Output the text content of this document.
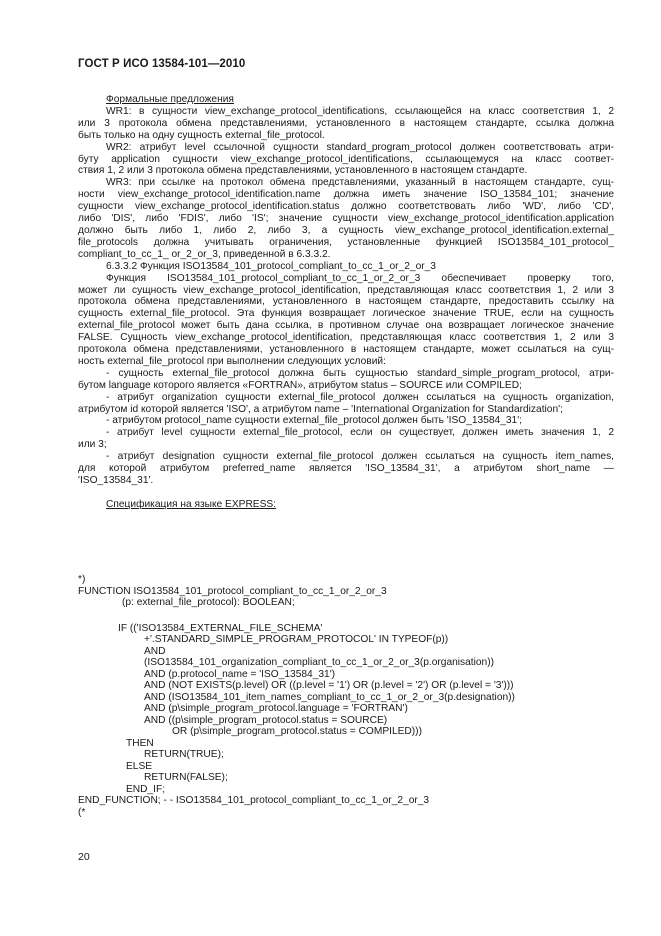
ГОСТ Р ИСО 13584-101—2010
Формальные предложения
WR1: в сущности view_exchange_protocol_identifications, ссылающейся на класс соответствия 1, 2
или 3 протокола обмена представлениями, установленного в настоящем стандарте, ссылка должна
быть только на одну сущность external_file_protocol.
WR2: атрибут level ссылочной сущности standard_program_protocol должен соответствовать атри-
буту application сущности view_exchange_protocol_identifications, ссылающемуся на класс соответ-
ствия 1, 2 или 3 протокола обмена представлениями, установленного в настоящем стандарте.
WR3: при ссылке на протокол обмена представлениями, указанный в настоящем стандарте, сущ-
ности view_exchange_protocol_identification.name должна иметь значение ISO_13584_101; значение
сущности view_exchange_protocol_identification.status должно соответствовать либо 'WD', либо 'CD',
либо 'DIS', либо 'FDIS', либо 'IS'; значение сущности view_exchange_protocol_identification.application
должно быть либо 1, либо 2, либо 3, а сущность view_exchange_protocol_identification.external_
file_protocols должна учитывать ограничения, установленные функцией ISO13584_101_protocol_
compliant_to_cc_1_ or_2_or_3, приведенной в 6.3.3.2.
6.3.3.2 Функция ISO13584_101_protocol_compliant_to_cc_1_or_2_or_3
Функция ISO13584_101_protocol_compliant_to_cc_1_or_2_or_3 обеспечивает проверку того,
может ли сущность view_exchange_protocol_identification, представляющая класс соответствия 1, 2 или 3
протокола обмена представлениями, установленного в настоящем стандарте, предоставить ссылку на
сущность external_file_protocol. Эта функция возвращает логическое значение TRUE, если на сущность
external_file_protocol может быть дана ссылка, в противном случае она возвращает логическое значение
FALSE. Сущность view_exchange_protocol_identification, представляющая класс соответствия 1, 2 или 3
протокола обмена представлениями, установленного в настоящем стандарте, может ссылаться на сущ-
ность external_file_protocol при выполнении следующих условий:
- сущность external_file_protocol должна быть сущностью standard_simple_program_protocol, атри-
бутом language которого является «FORTRAN», атрибутом status – SOURCE или COMPILED;
- атрибут organization сущности external_file_protocol должен ссылаться на сущность organization,
атрибутом id которой является 'ISO', а атрибутом name – 'International Organization for Standardization';
- атрибутом protocol_name сущности external_file_protocol должен быть 'ISO_13584_31';
- атрибут level сущности external_file_protocol, если он существует, должен иметь значения 1, 2
или 3;
- атрибут designation сущности external_file_protocol должен ссылаться на сущность item_names,
для которой атрибутом preferred_name является 'ISO_13584_31', а атрибутом short_name —
'ISO_13584_31'.
Спецификация на языке EXPRESS:
*)
FUNCTION ISO13584_101_protocol_compliant_to_cc_1_or_2_or_3
(p: external_file_protocol): BOOLEAN;
IF (('ISO13584_EXTERNAL_FILE_SCHEMA'
+'.STANDARD_SIMPLE_PROGRAM_PROTOCOL' IN TYPEOF(p))
AND
(ISO13584_101_organization_compliant_to_cc_1_or_2_or_3(p.organisation))
AND (p.protocol_name = 'ISO_13584_31')
AND (NOT EXISTS(p.level) OR ((p.level = '1') OR (p.level = '2') OR (p.level = '3')))
AND (ISO13584_101_item_names_compliant_to_cc_1_or_2_or_3(p.designation))
AND (p\simple_program_protocol.language = 'FORTRAN')
AND ((p\simple_program_protocol.status = SOURCE)
OR (p\simple_program_protocol.status = COMPILED)))
THEN
RETURN(TRUE);
ELSE
RETURN(FALSE);
END_IF;
END_FUNCTION; - - ISO13584_101_protocol_compliant_to_cc_1_or_2_or_3
(*
20
